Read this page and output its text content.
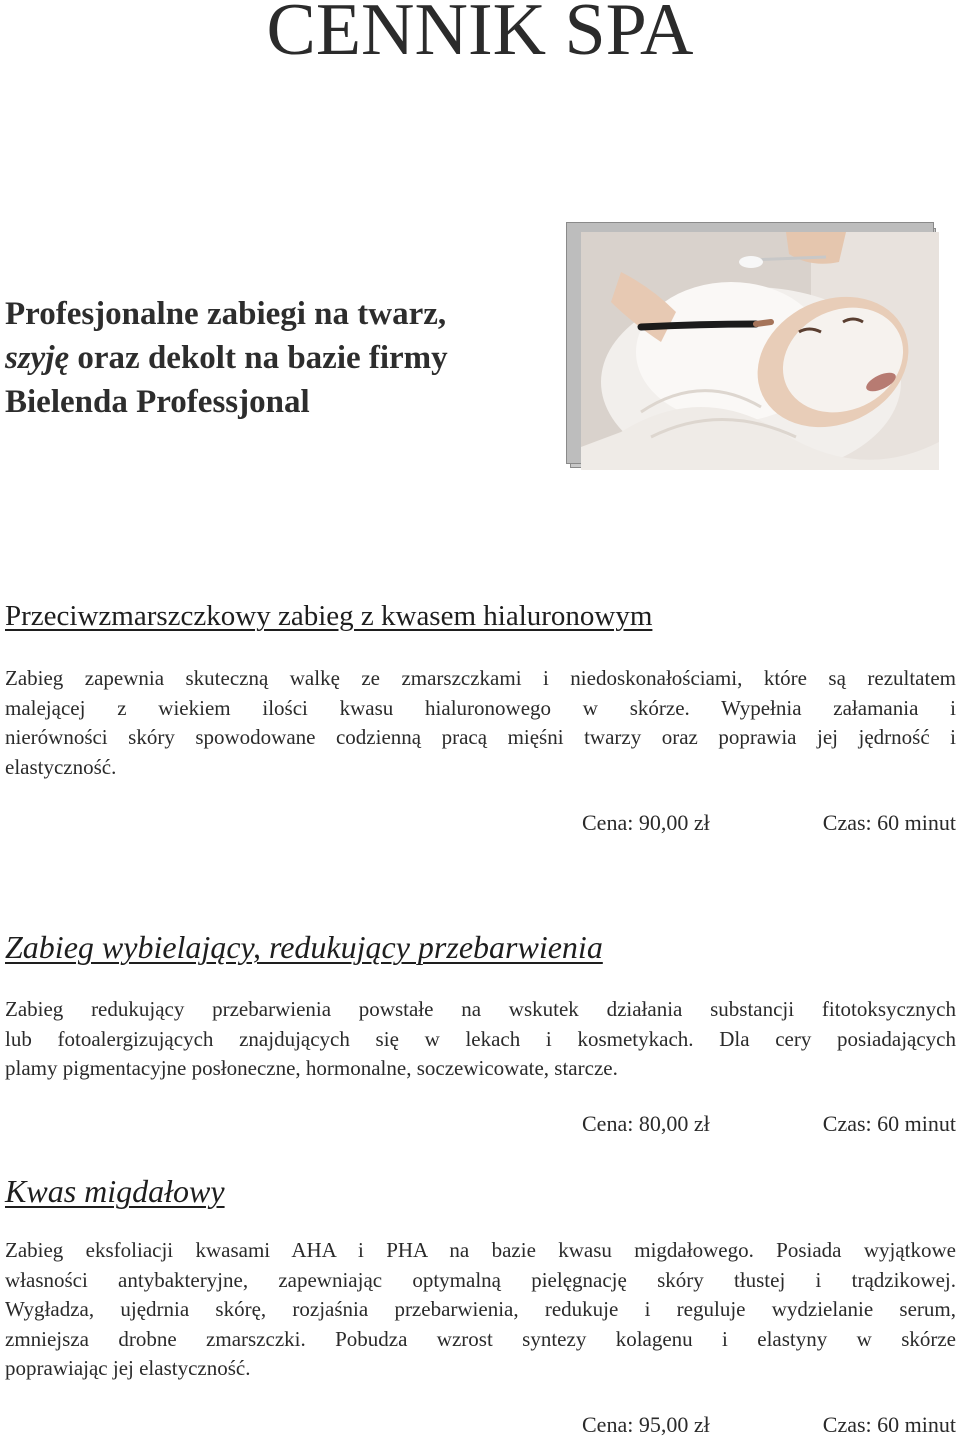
CENNIK SPA
Profesjonalne zabiegi na twarz,
szyję oraz dekolt na bazie firmy
Bielenda Professjonal
Przeciwzmarszczkowy zabieg z kwasem hialuronowym
Zabieg zapewnia skuteczną walkę ze zmarszczkami i niedoskonałościami, które są rezultatem
malejącej z wiekiem ilości kwasu hialuronowego w skórze. Wypełnia załamania i
nierówności skóry spowodowane codzienną pracą mięśni twarzy oraz poprawia jej jędrność i
elastyczność.
Cena: 90,00 zł	Czas: 60 minut
Zabieg wybielający, redukujący przebarwienia
Zabieg redukujący przebarwienia powstałe na wskutek działania substancji fitotoksycznych
lub fotoalergizujących znajdujących się w lekach i kosmetykach. Dla cery posiadających
plamy pigmentacyjne posłoneczne, hormonalne, soczewicowate, starcze.
Cena: 80,00 zł	Czas: 60 minut
Kwas migdałowy
Zabieg eksfoliacji kwasami AHA i PHA na bazie kwasu migdałowego. Posiada wyjątkowe
własności antybakteryjne, zapewniając optymalną pielęgnację skóry tłustej i trądzikowej.
Wygładza, ujędrnia skórę, rozjaśnia przebarwienia, redukuje i reguluje wydzielanie serum,
zmniejsza drobne zmarszczki. Pobudza wzrost syntezy kolagenu i elastyny w skórze
poprawiając jej elastyczność.
Cena: 95,00 zł	Czas: 60 minut
